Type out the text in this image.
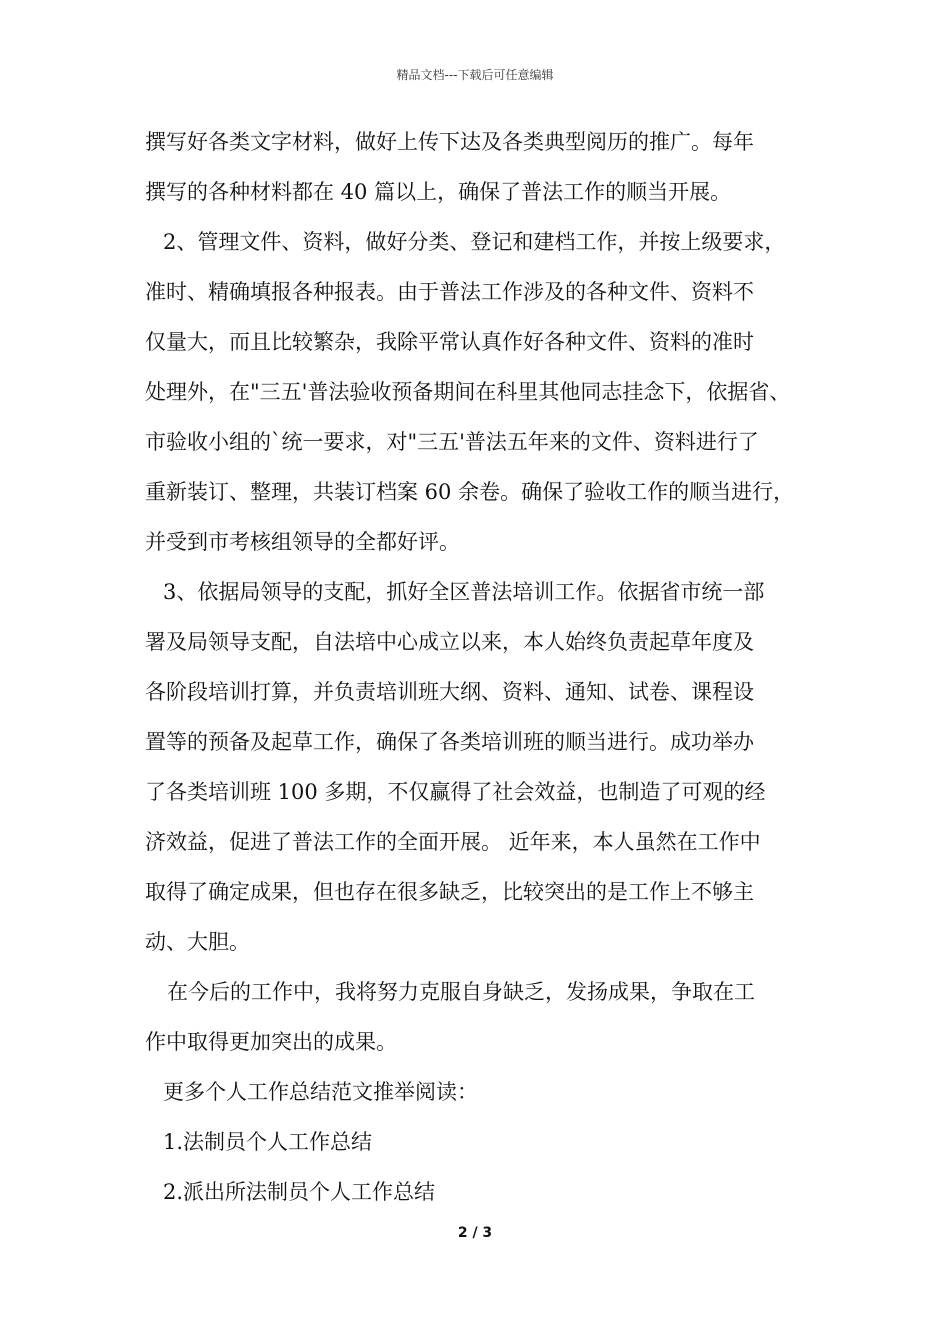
精品文档---下载后可任意编辑
撰写好各类文字材料，做好上传下达及各类典型阅历的推广。每年
撰写的各种材料都在 40 篇以上，确保了普法工作的顺当开展。
2、管理文件、资料，做好分类、登记和建档工作，并按上级要求，
准时、精确填报各种报表。由于普法工作涉及的各种文件、资料不
仅量大，而且比较繁杂，我除平常认真作好各种文件、资料的准时
处理外，在"三五'普法验收预备期间在科里其他同志挂念下，依据省、
市验收小组的`统一要求，对"三五'普法五年来的文件、资料进行了
重新装订、整理，共装订档案 60 余卷。确保了验收工作的顺当进行，
并受到市考核组领导的全都好评。
3、依据局领导的支配，抓好全区普法培训工作。依据省市统一部
署及局领导支配，自法培中心成立以来，本人始终负责起草年度及
各阶段培训打算，并负责培训班大纲、资料、通知、试卷、课程设
置等的预备及起草工作，确保了各类培训班的顺当进行。成功举办
了各类培训班 100 多期，不仅赢得了社会效益，也制造了可观的经
济效益，促进了普法工作的全面开展。 近年来，本人虽然在工作中
取得了确定成果，但也存在很多缺乏，比较突出的是工作上不够主
动、大胆。
在今后的工作中，我将努力克服自身缺乏，发扬成果，争取在工
作中取得更加突出的成果。
更多个人工作总结范文推举阅读：
1.法制员个人工作总结
2.派出所法制员个人工作总结
2 / 3
